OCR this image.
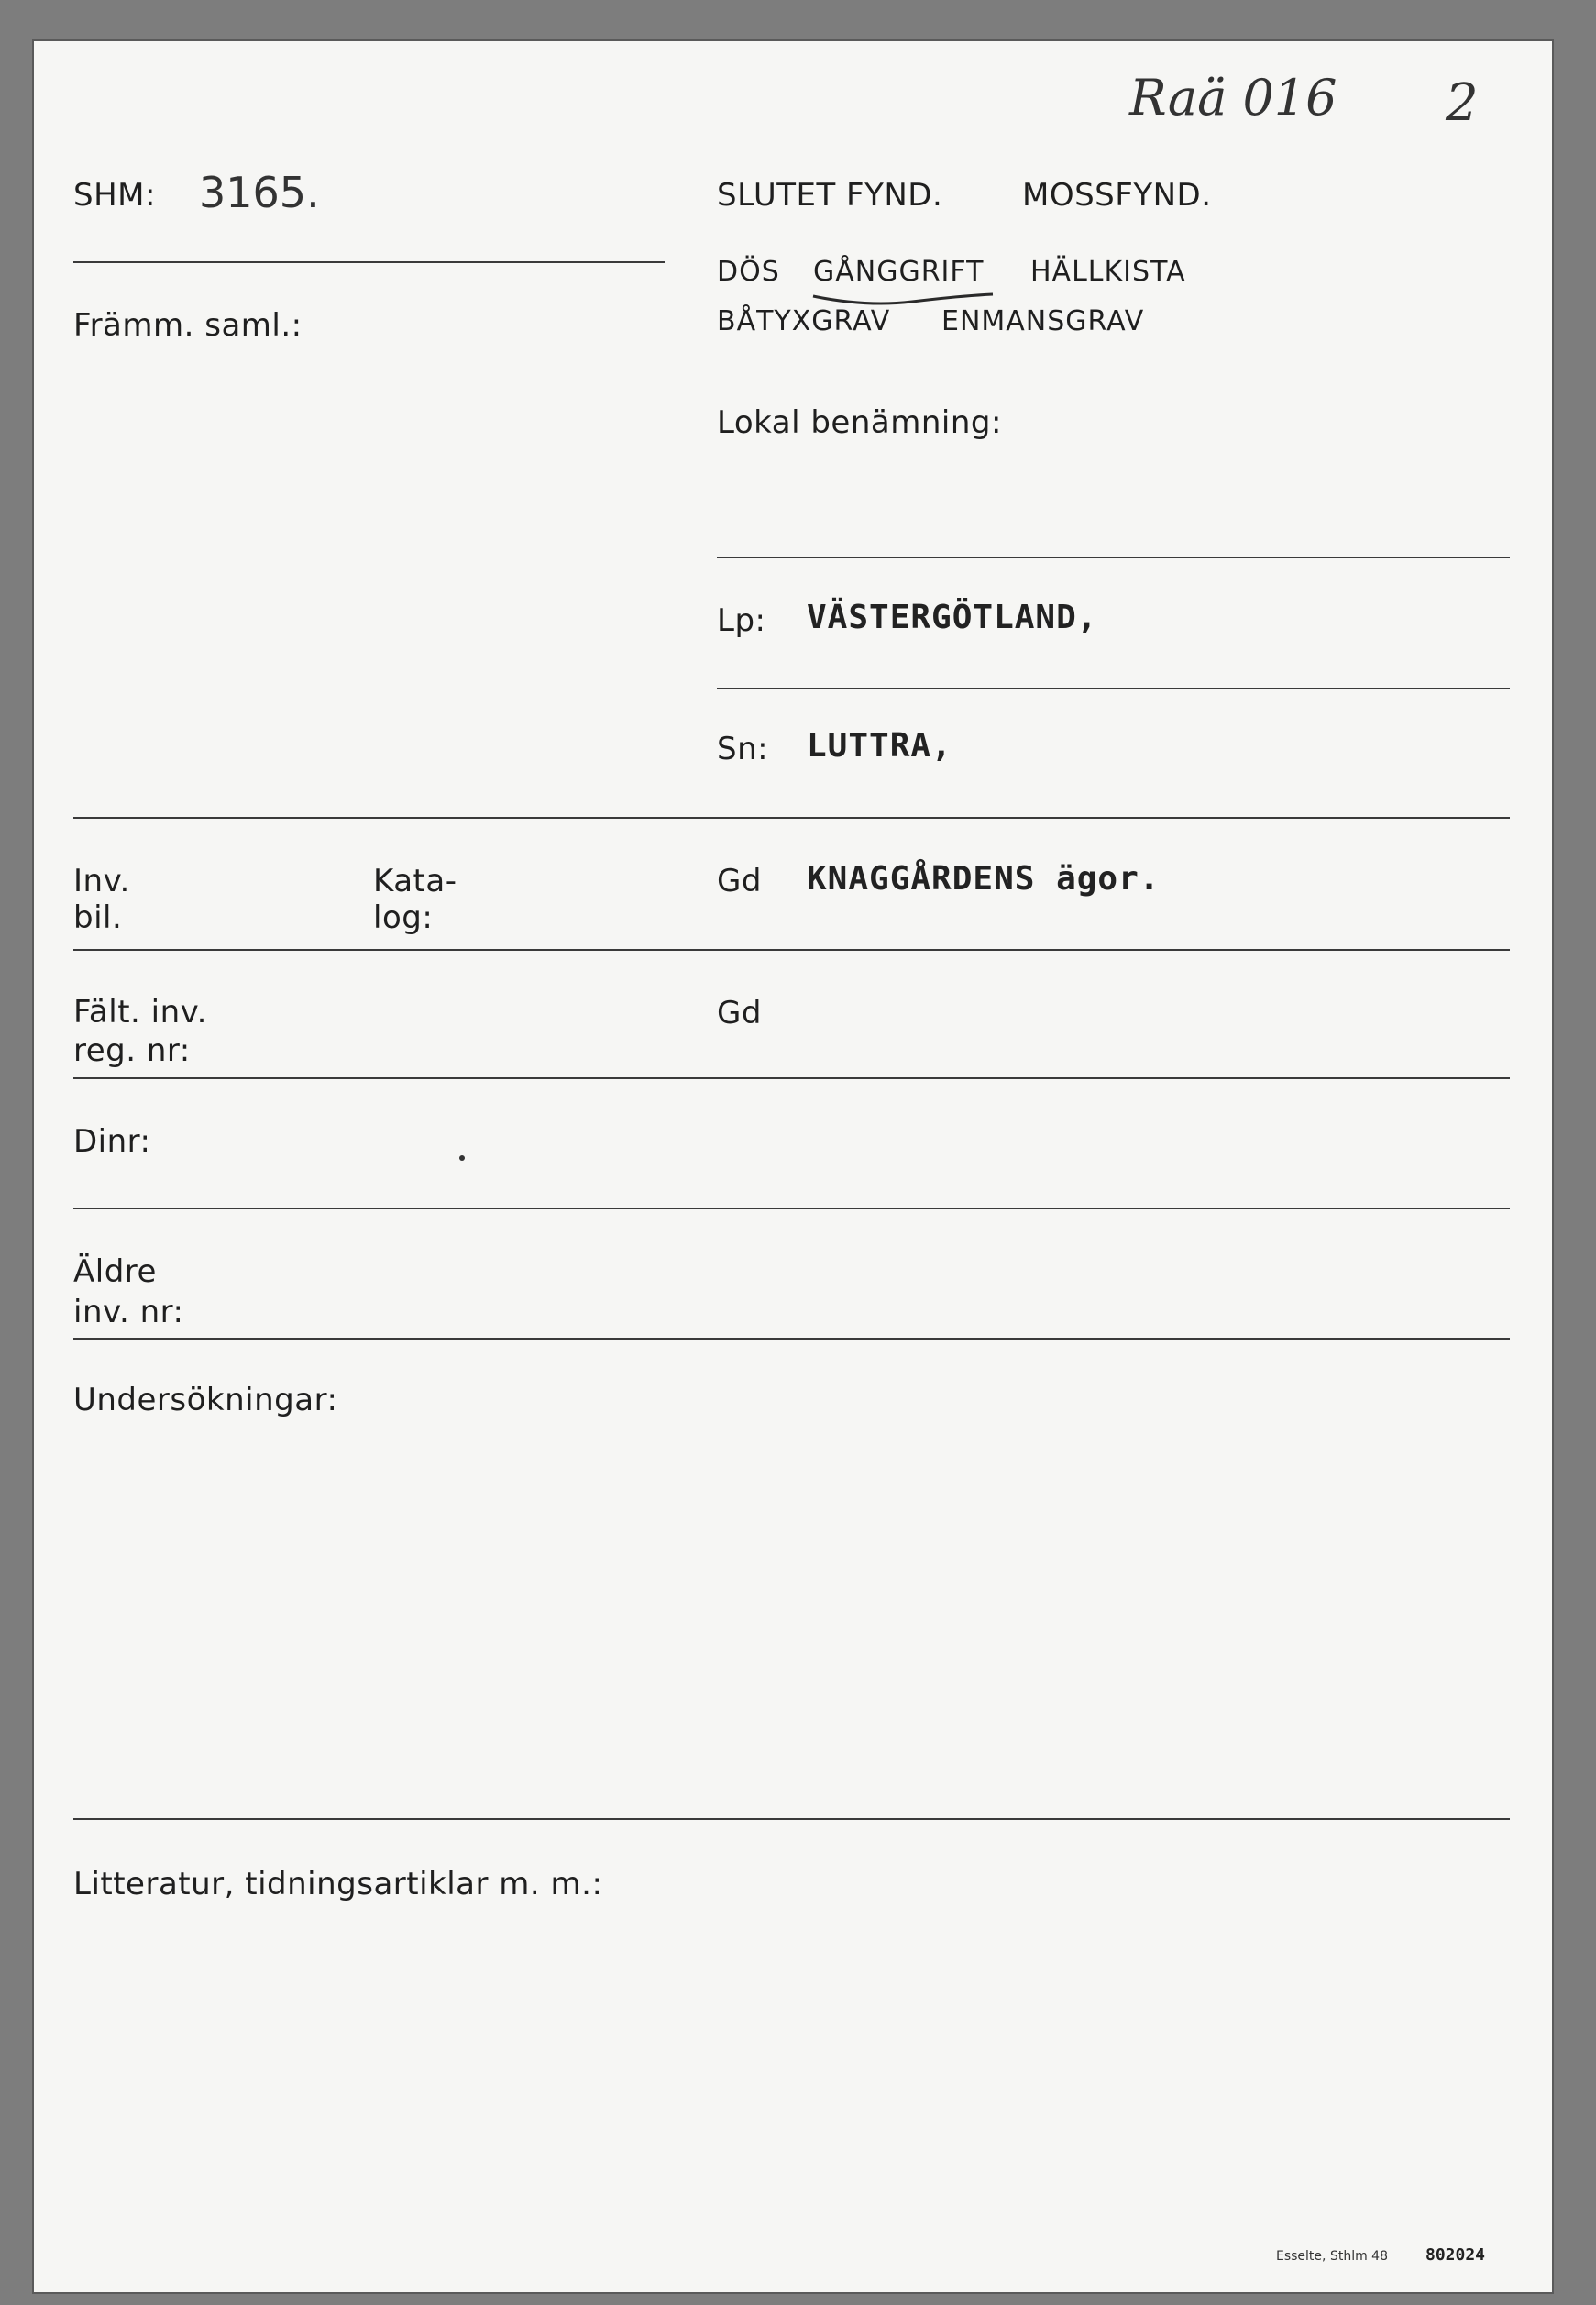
Raä 016 2
SHM: 3165.	SLUTET FYND.	MOSSFYND.
DÖS GÅNGGRIFT HÄLLKISTA
BÅTYXGRAV ENMANSGRAV
Främm. saml.:
Lokal benämning:
Lp: VÄSTERGÖTLAND,
Sn: LUTTRA,
Inv.
bil.
Kata-
log:
Gd KNAGGÅRDENS ägor.
Fält. inv.
reg. nr:
Gd
Dinr:
Äldre
inv. nr:
Undersökningar:
Litteratur, tidningsartiklar m. m.:
Esselte, Sthlm 48 802024
